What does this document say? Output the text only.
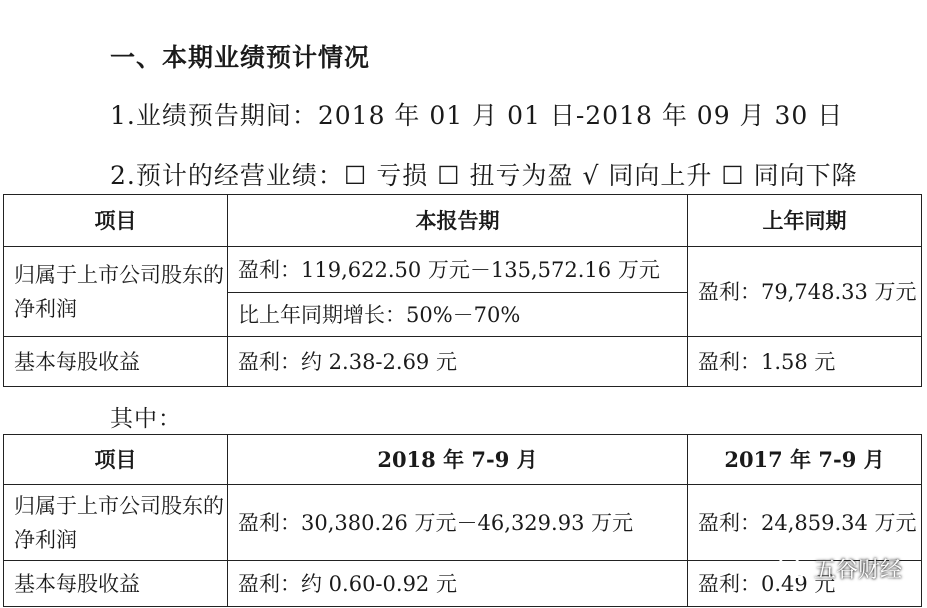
一、本期业绩预计情况
1.业绩预告期间：2018 年 01 月 01 日-2018 年 09 月 30 日
2.预计的经营业绩：☐ 亏损 ☐ 扭亏为盈 √ 同向上升 ☐ 同向下降
项目	本报告期	上年同期
归属于上市公司股东的净利润	盈利：119,622.50 万元－135,572.16 万元	盈利：79,748.33 万元
	比上年同期增长：50%－70%	
基本每股收益	盈利：约 2.38-2.69 元	盈利：1.58 元
其中：
项目	2018 年 7-9 月	2017 年 7-9 月
归属于上市公司股东的净利润	盈利：30,380.26 万元－46,329.93 万元	盈利：24,859.34 万元
基本每股收益	盈利：约 0.60-0.92 元	盈利：0.49 元
五谷财经
